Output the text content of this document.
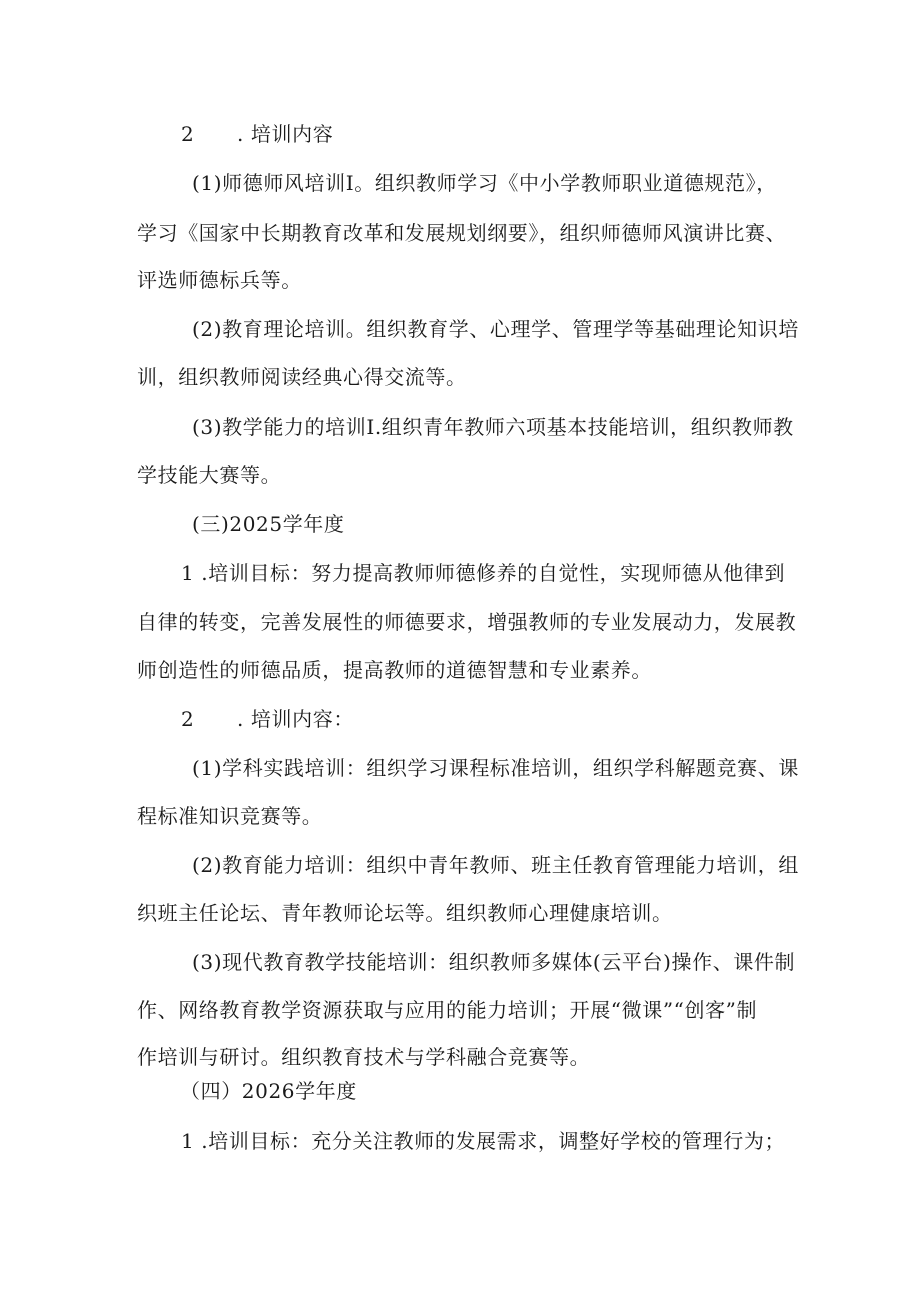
2 . 培训内容
(1)师德师风培训I。组织教师学习《中小学教师职业道德规范》，
学习《国家中长期教育改革和发展规划纲要》，组织师德师风演讲比赛、
评选师德标兵等。
(2)教育理论培训。组织教育学、心理学、管理学等基础理论知识培
训，组织教师阅读经典心得交流等。
(3)教学能力的培训I.组织青年教师六项基本技能培训，组织教师教
学技能大赛等。
(三)2025学年度
1 .培训目标：努力提高教师师德修养的自觉性，实现师德从他律到
自律的转变，完善发展性的师德要求，增强教师的专业发展动力，发展教
师创造性的师德品质，提高教师的道德智慧和专业素养。
2 . 培训内容：
(1)学科实践培训：组织学习课程标准培训，组织学科解题竞赛、课
程标准知识竞赛等。
(2)教育能力培训：组织中青年教师、班主任教育管理能力培训，组
织班主任论坛、青年教师论坛等。组织教师心理健康培训。
(3)现代教育教学技能培训：组织教师多媒体(云平台)操作、课件制
作、网络教育教学资源获取与应用的能力培训；开展“微课”“创客”制
作培训与研讨。组织教育技术与学科融合竞赛等。
（四）2026学年度
1 .培训目标：充分关注教师的发展需求，调整好学校的管理行为；
